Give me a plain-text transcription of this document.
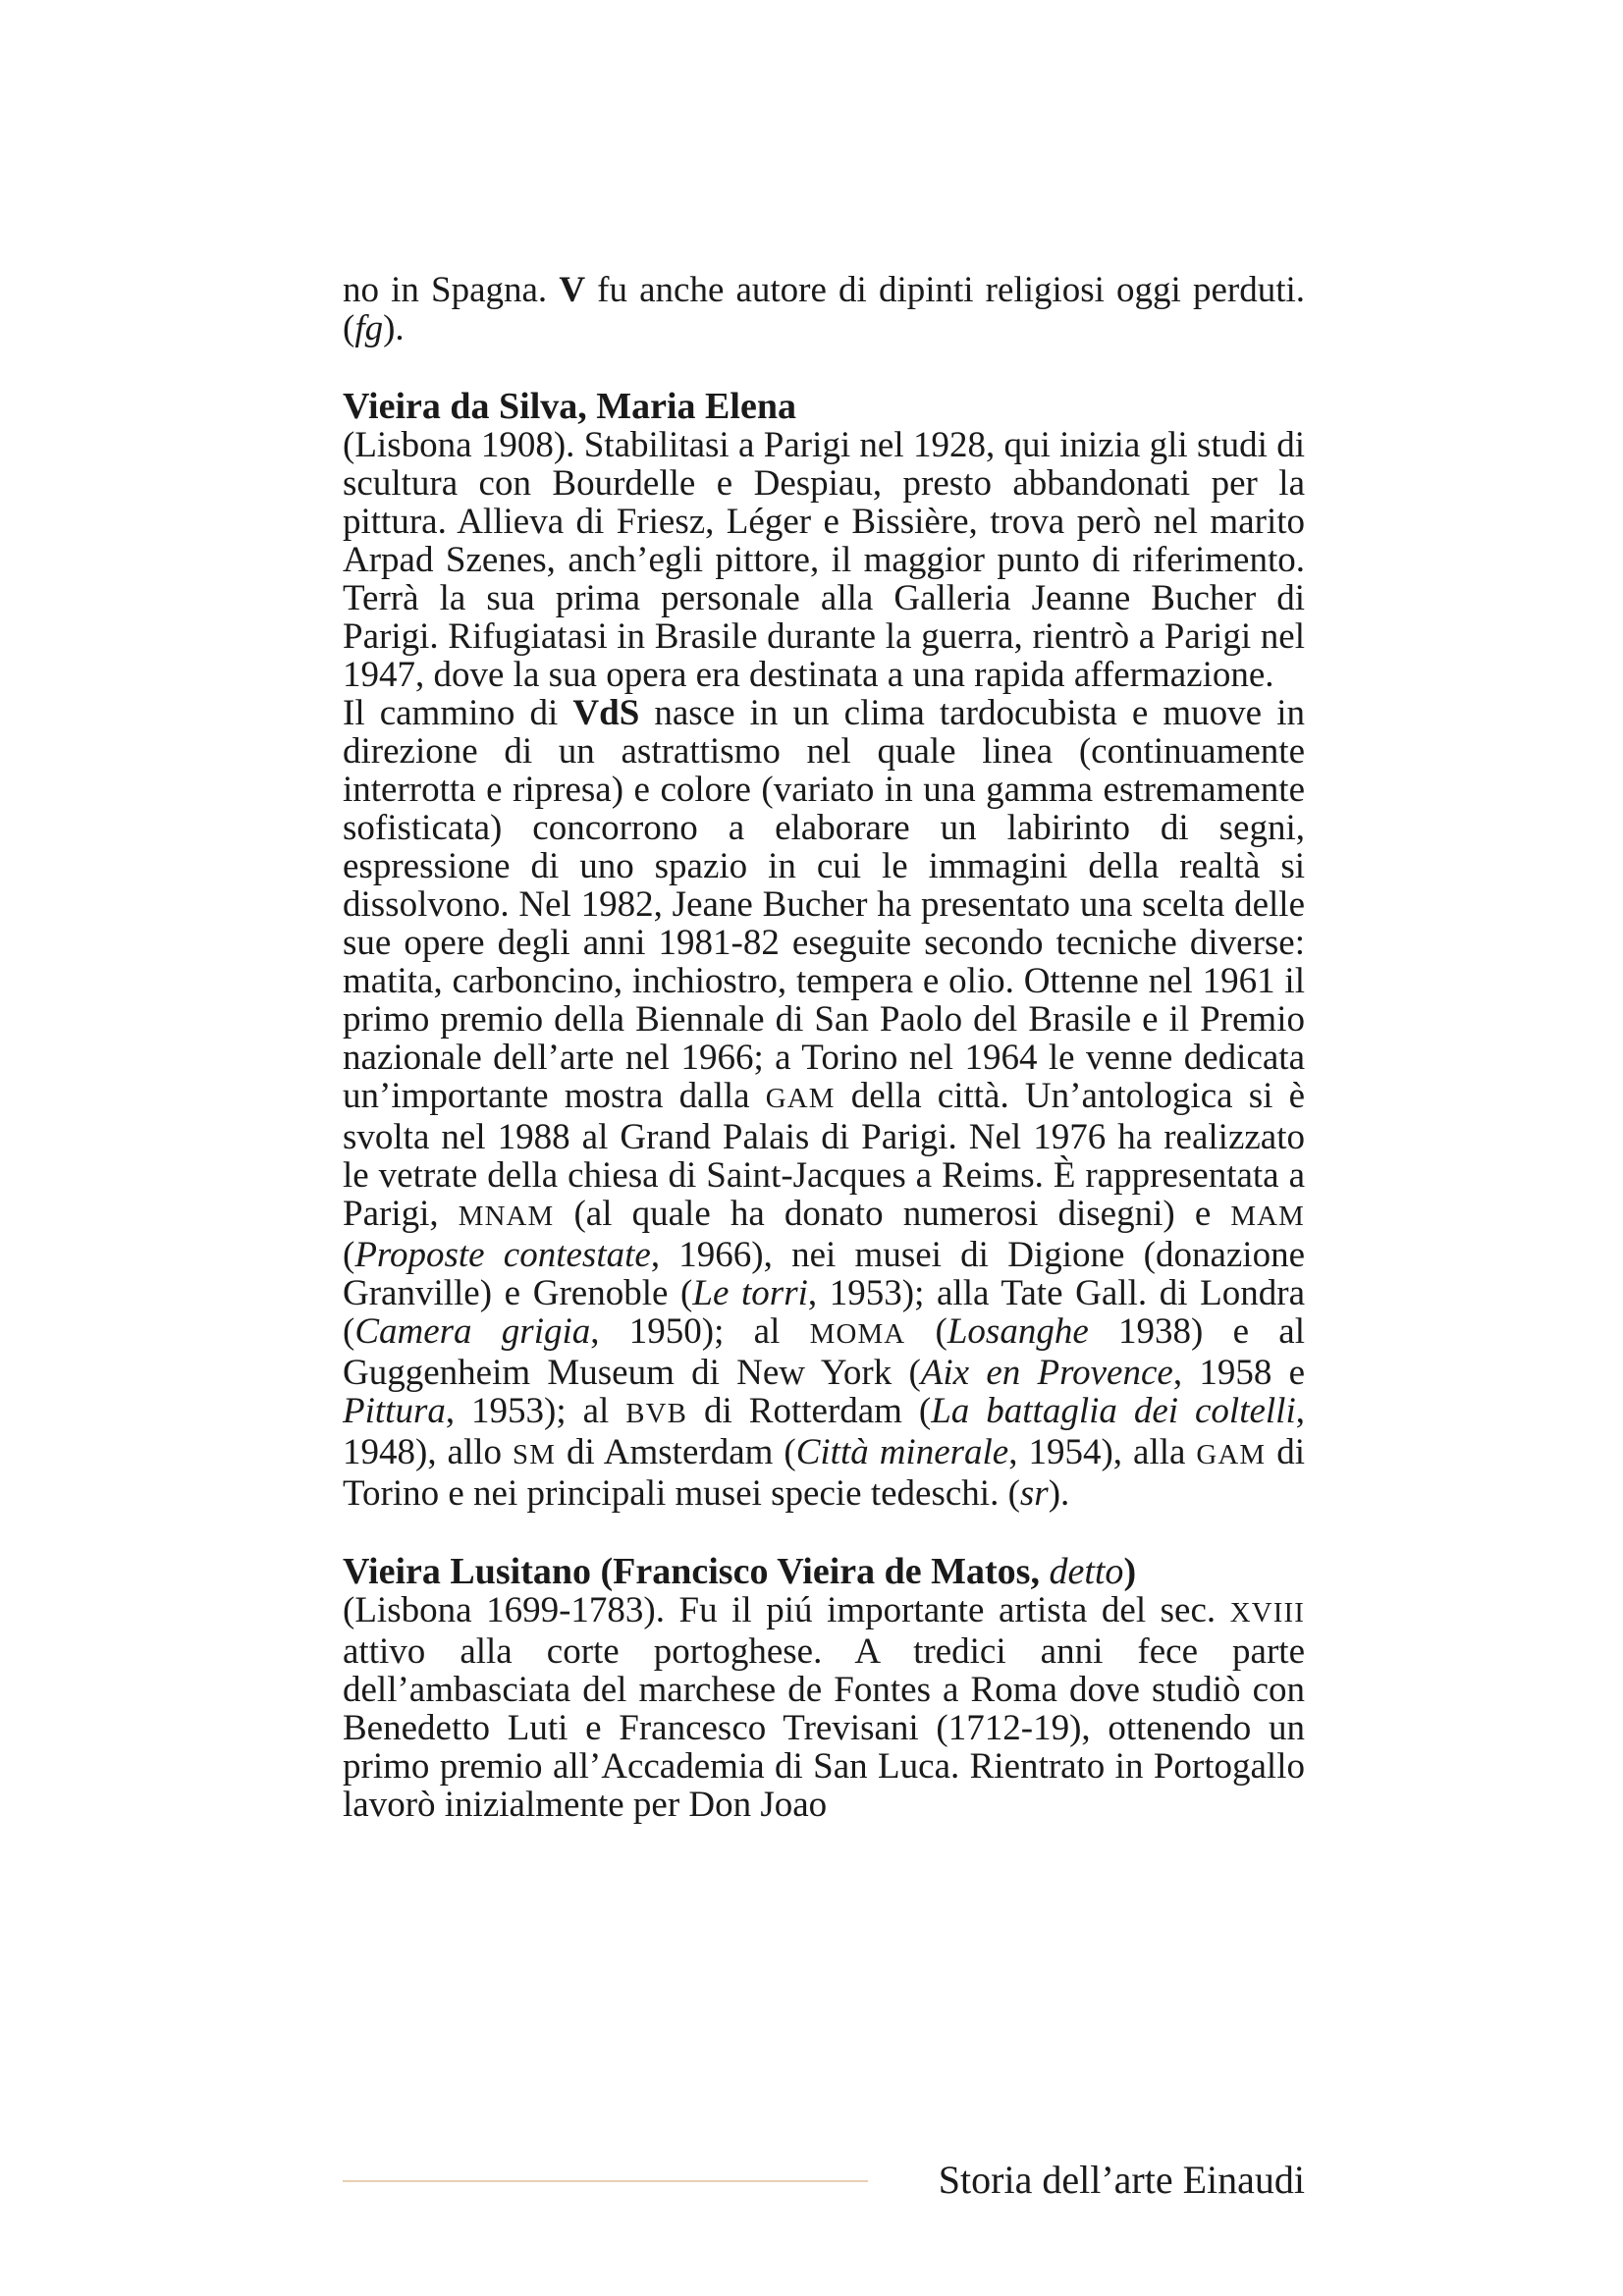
no in Spagna. V fu anche autore di dipinti religiosi oggi perduti. (fg).

Vieira da Silva, Maria Elena

(Lisbona 1908). Stabilitasi a Parigi nel 1928, qui inizia gli studi di scultura con Bourdelle e Despiau, presto abbandonati per la pittura. Allieva di Friesz, Léger e Bissière, trova però nel marito Arpad Szenes, anch’egli pittore, il maggior punto di riferimento. Terrà la sua prima personale alla Galleria Jeanne Bucher di Parigi. Rifugiatasi in Brasile durante la guerra, rientrò a Parigi nel 1947, dove la sua opera era destinata a una rapida affermazione.

Il cammino di VdS nasce in un clima tardocubista e muove in direzione di un astrattismo nel quale linea (continuamente interrotta e ripresa) e colore (variato in una gamma estremamente sofisticata) concorrono a elaborare un labirinto di segni, espressione di uno spazio in cui le immagini della realtà si dissolvono. Nel 1982, Jeane Bucher ha presentato una scelta delle sue opere degli anni 1981-82 eseguite secondo tecniche diverse: matita, carboncino, inchiostro, tempera e olio. Ottenne nel 1961 il primo premio della Biennale di San Paolo del Brasile e il Premio nazionale dell’arte nel 1966; a Torino nel 1964 le venne dedicata un’importante mostra dalla GAM della città. Un’antologica si è svolta nel 1988 al Grand Palais di Parigi. Nel 1976 ha realizzato le vetrate della chiesa di Saint-Jacques a Reims. È rappresentata a Parigi, MNAM (al quale ha donato numerosi disegni) e MAM (Proposte contestate, 1966), nei musei di Digione (donazione Granville) e Grenoble (Le torri, 1953); alla Tate Gall. di Londra (Camera grigia, 1950); al MOMA (Losanghe 1938) e al Guggenheim Museum di New York (Aix en Provence, 1958 e Pittura, 1953); al BVB di Rotterdam (La battaglia dei coltelli, 1948), allo SM di Amsterdam (Città minerale, 1954), alla GAM di Torino e nei principali musei specie tedeschi. (sr).

Vieira Lusitano (Francisco Vieira de Matos, detto)

(Lisbona 1699-1783). Fu il piú importante artista del sec. XVIII attivo alla corte portoghese. A tredici anni fece parte dell’ambasciata del marchese de Fontes a Roma dove studiò con Benedetto Luti e Francesco Trevisani (1712-19), ottenendo un primo premio all’Accademia di San Luca. Rientrato in Portogallo lavorò inizialmente per Don Joao

Storia dell’arte Einaudi
